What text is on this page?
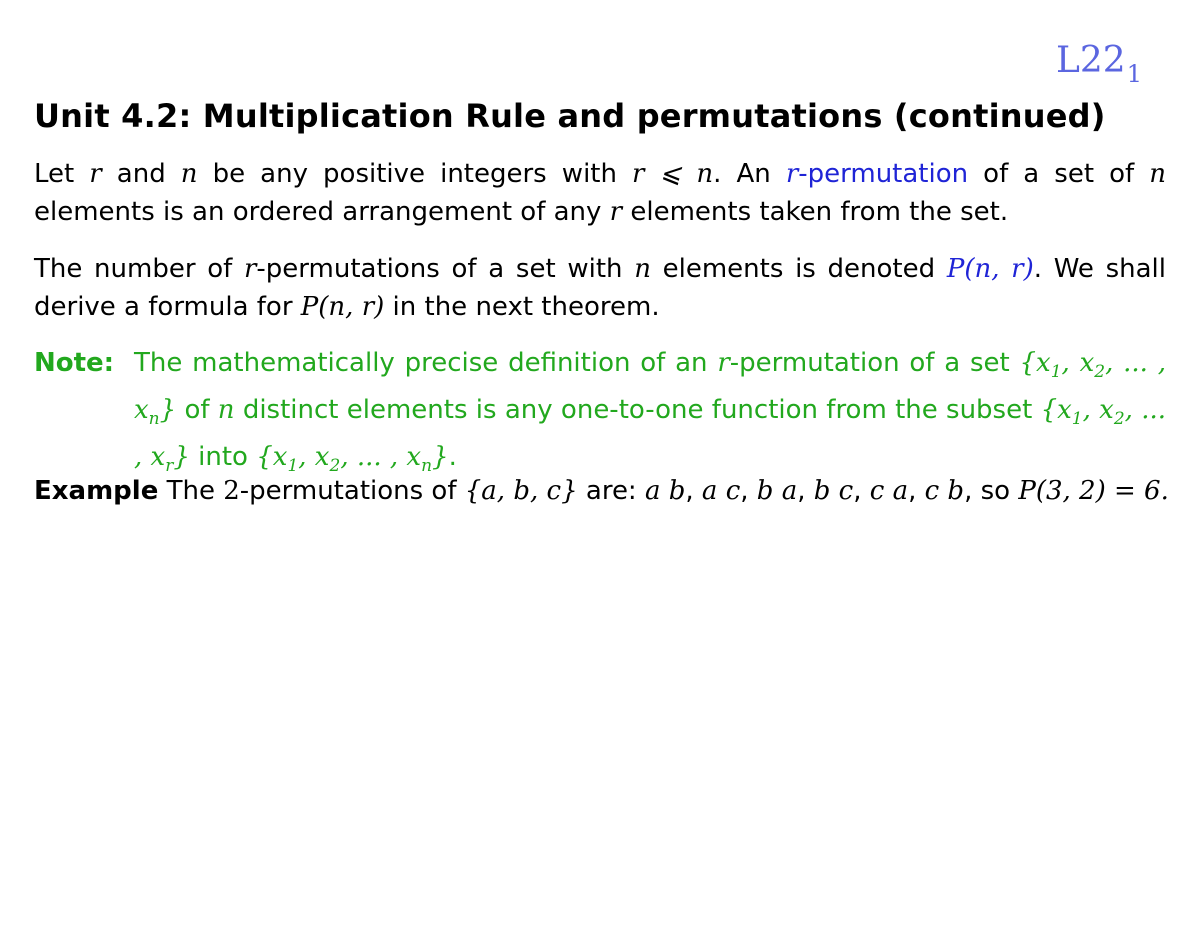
$L22_1$
Unit 4.2: Multiplication Rule and permutations (continued)
Let r and n be any positive integers with r ⩽ n. An r-permutation of a set of n elements is an ordered arrangement of any r elements taken from the set.
The number of r-permutations of a set with n elements is denoted P(n, r). We shall derive a formula for P(n, r) in the next theorem.
Note: The mathematically precise definition of an r-permutation of a set {$x_1$, $x_2$, ... , $x_n$} of n distinct elements is any one-to-one function from the subset {$x_1$, $x_2$, ... , $x_r$} into {$x_1$, $x_2$, ... , $x_n$}.
Example The 2-permutations of {a, b, c} are: a b, a c, b a, b c, c a, c b, so P(3, 2) = 6.
